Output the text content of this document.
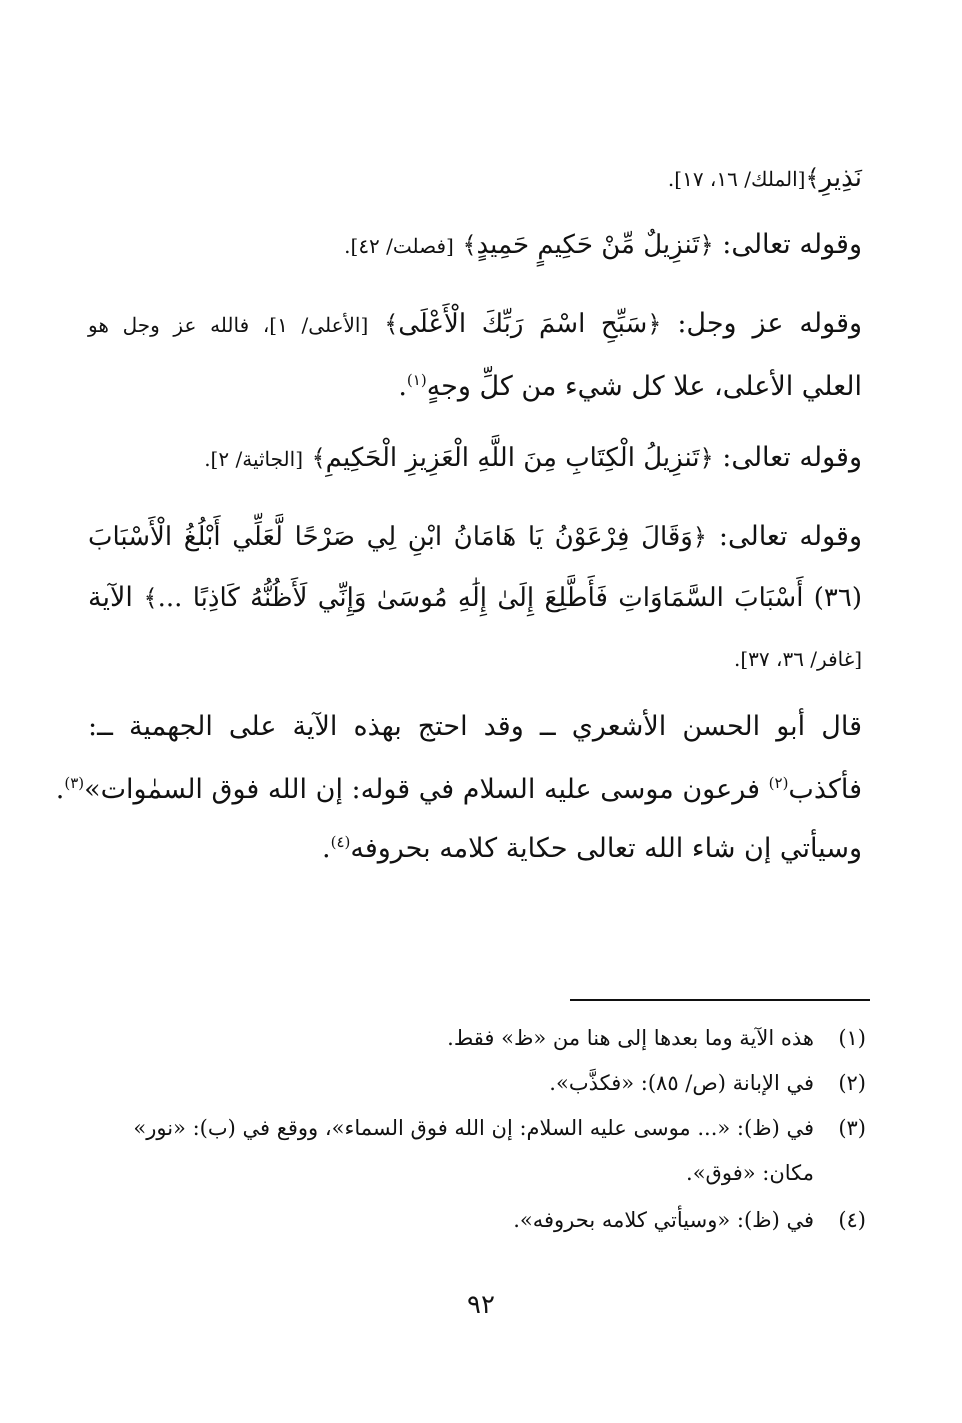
نَذِيرِ﴾[الملك/ ١٦، ١٧].
وقوله تعالى: ﴿تَنزِيلٌ مِّنْ حَكِيمٍ حَمِيدٍ﴾ [فصلت/ ٤٢].
وقوله عز وجل: ﴿سَبِّحِ اسْمَ رَبِّكَ الْأَعْلَى﴾ [الأعلى/ ١]، فالله عز وجل هو
العلي الأعلى، علا كل شيء من كلِّ وجهٍ$^{(١)}$.
وقوله تعالى: ﴿تَنزِيلُ الْكِتَابِ مِنَ اللَّهِ الْعَزِيزِ الْحَكِيمِ﴾ [الجاثية/ ٢].
وقوله تعالى: ﴿وَقَالَ فِرْعَوْنُ يَا هَامَانُ ابْنِ لِي صَرْحًا لَّعَلِّي أَبْلُغُ الْأَسْبَابَ
(٣٦) أَسْبَابَ السَّمَاوَاتِ فَأَطَّلِعَ إِلَىٰ إِلَٰهِ مُوسَىٰ وَإِنِّي لَأَظُنُّهُ كَاذِبًا ...﴾ الآية
[غافر/ ٣٦، ٣٧].
قال أبو الحسن الأشعري ــ وقد احتج بهذه الآية على الجهمية ــ:
فأكذب$^{(٢)}$ فرعون موسى عليه السلام في قوله: إن الله فوق السمٰوات»$^{(٣)}$.
وسيأتي إن شاء الله تعالى حكاية كلامه بحروفه$^{(٤)}$.
(١)هذه الآية وما بعدها إلى هنا من «ظ» فقط.
(٢)في الإبانة (ص/ ٨٥): «فكذَّب».
(٣)في (ظ): «... موسى عليه السلام: إن الله فوق السماء»، ووقع في (ب): «نور»
مكان: «فوق».
(٤)في (ظ): «وسيأتي كلامه بحروفه».
٩٢
